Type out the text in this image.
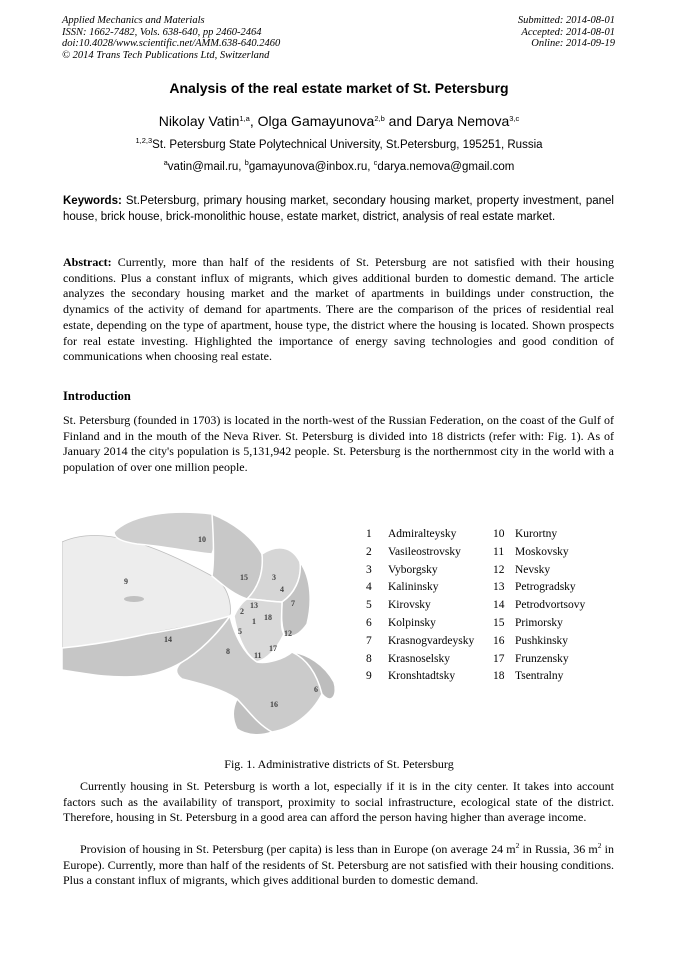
Applied Mechanics and Materials
ISSN: 1662-7482, Vols. 638-640, pp 2460-2464
doi:10.4028/www.scientific.net/AMM.638-640.2460
© 2014 Trans Tech Publications Ltd, Switzerland
Submitted: 2014-08-01
Accepted: 2014-08-01
Online: 2014-09-19
Analysis of the real estate market of St. Petersburg
Nikolay Vatin$^{1,a}$, Olga Gamayunova$^{2,b}$ and Darya Nemova$^{3,c}$
$^{1,2,3}$St. Petersburg State Polytechnical University, St.Petersburg, 195251, Russia
$^a$vatin@mail.ru, $^b$gamayunova@inbox.ru, $^c$darya.nemova@gmail.com
Keywords: St.Petersburg, primary housing market, secondary housing market, property investment, panel house, brick house, brick-monolithic house, estate market, district, analysis of real estate market.
Abstract: Currently, more than half of the residents of St. Petersburg are not satisfied with their housing conditions. Plus a constant influx of migrants, which gives additional burden to domestic demand. The article analyzes the secondary housing market and the market of apartments in buildings under construction, the dynamics of the activity of demand for apartments. There are the comparison of the prices of residential real estate, depending on the type of apartment, house type, the district where the housing is located. Shown prospects for real estate investing. Highlighted the importance of energy saving technologies and good condition of communications when choosing real estate.
Introduction
St. Petersburg (founded in 1703) is located in the north-west of the Russian Federation, on the coast of the Gulf of Finland and in the mouth of the Neva River. St. Petersburg is divided into 18 districts (refer with: Fig. 1). As of January 2014 the city's population is 5,131,942 people. St. Petersburg is the northernmost city in the world with a population of over one million people.
10
15	3
4
7
13
2
18
1
5	12
17
11
8
14
9
6
16
1 Admiralteysky	10 Kurortny
2 Vasileostrovsky	11 Moskovsky
3 Vyborgsky	12 Nevsky
4 Kalininsky	13 Petrogradsky
5 Kirovsky	14 Petrodvortsovy
6 Kolpinsky	15 Primorsky
7 Krasnogvardeysky 16 Pushkinsky
8 Krasnoselsky	17 Frunzensky
9 Kronshtadtsky	18 Tsentralny
Fig. 1. Administrative districts of St. Petersburg
Currently housing in St. Petersburg is worth a lot, especially if it is in the city center. It takes into account factors such as the availability of transport, proximity to social infrastructure, ecological state of the district. Therefore, housing in St. Petersburg in a good area can afford the person having higher than average income.
Provision of housing in St. Petersburg (per capita) is less than in Europe (on average 24 $m^2$ in Russia, 36 $m^2$ in Europe). Currently, more than half of the residents of St. Petersburg are not satisfied with their housing conditions. Plus a constant influx of migrants, which gives additional burden to domestic demand.
